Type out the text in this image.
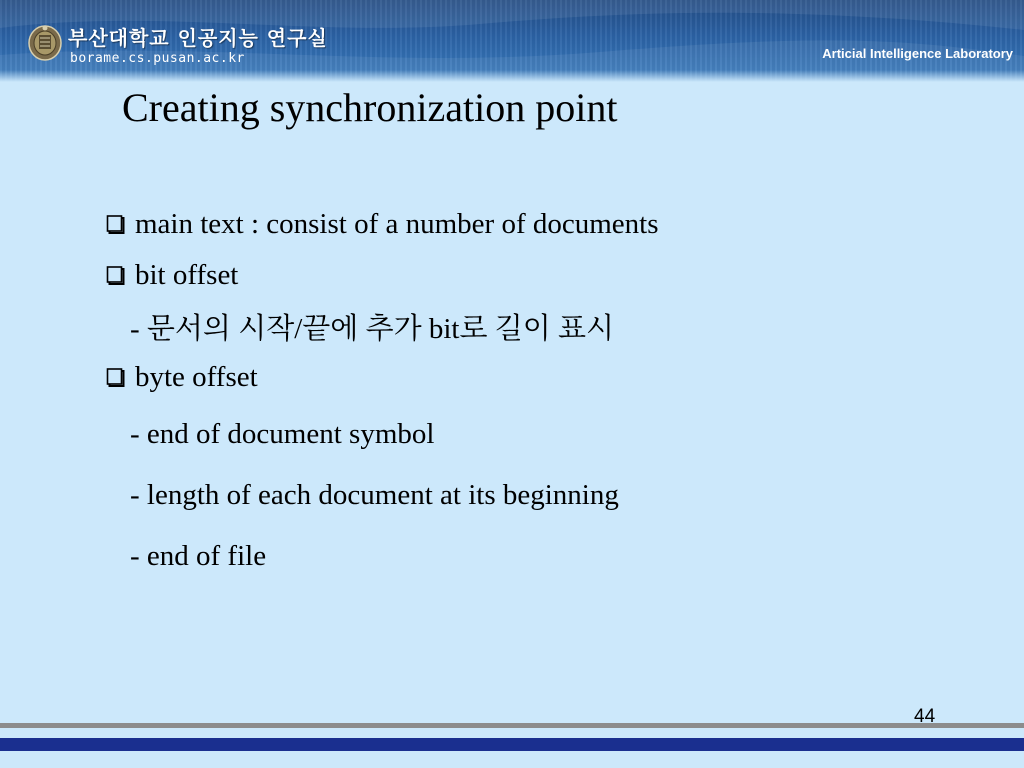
부산대학교 인공지능 연구실
borame.cs.pusan.ac.kr	Articial Intelligence Laboratory
Creating synchronization point
main text : consist of a number of documents
bit offset
- 문서의 시작/끝에 추가 bit로 길이 표시
byte offset
- end of document symbol
- length of each document at its beginning
- end of file
44
